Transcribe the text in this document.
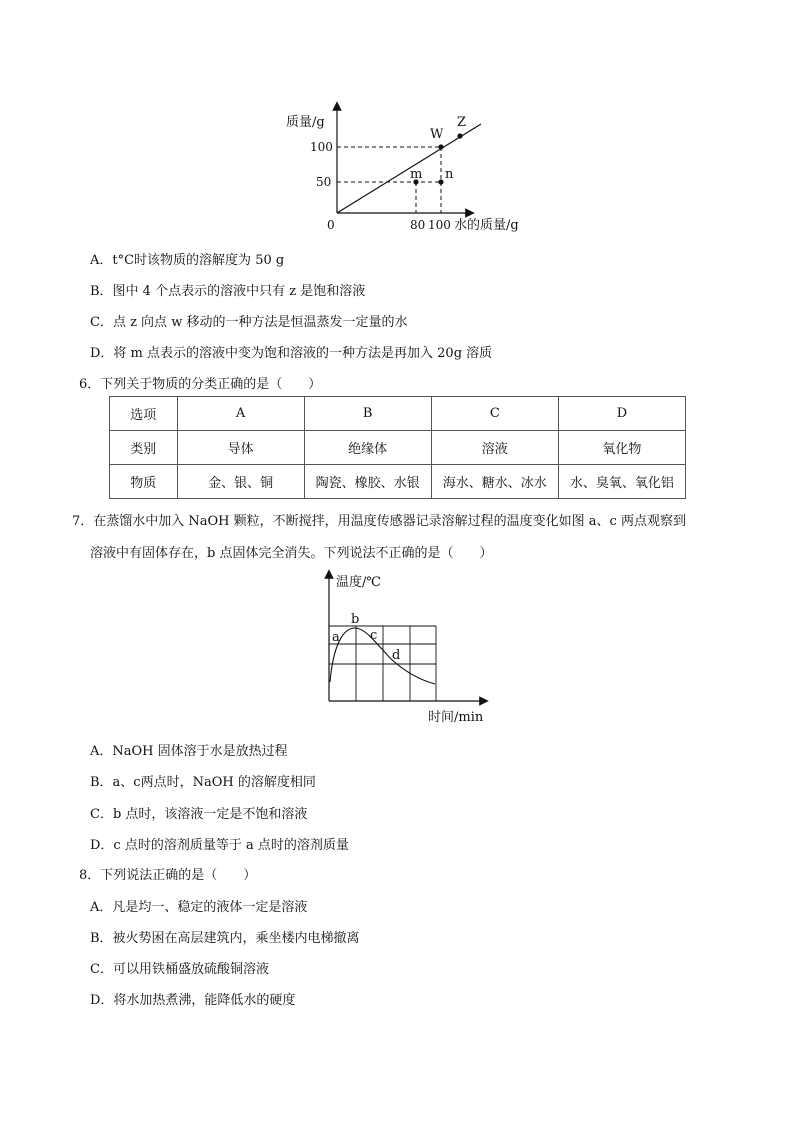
质量/g
水的质量/g
0
100
50
80 100
W
Z
m n
A．t°C时该物质的溶解度为 50 g
B．图中 4 个点表示的溶液中只有 z 是饱和溶液
C．点 z 向点 w 移动的一种方法是恒温蒸发一定量的水
D．将 m 点表示的溶液中变为饱和溶液的一种方法是再加入 20g 溶质
6．下列关于物质的分类正确的是（　　）
选项	A	B	C	D
类别	导体	绝缘体	溶液	氧化物
物质	金、银、铜	陶瓷、橡胶、水银	海水、糖水、冰水	水、臭氧、氧化铝
7．在蒸馏水中加入 NaOH 颗粒，不断搅拌，用温度传感器记录溶解过程的温度变化如图 a、c 两点观察到
溶液中有固体存在，b 点固体完全消失。下列说法不正确的是（　　）
温度/℃
时间/min
a
b
c
d
A．NaOH 固体溶于水是放热过程
B．a、c两点时，NaOH 的溶解度相同
C．b 点时，该溶液一定是不饱和溶液
D．c 点时的溶剂质量等于 a 点时的溶剂质量
8．下列说法正确的是（　　）
A．凡是均一、稳定的液体一定是溶液
B．被火势困在高层建筑内，乘坐楼内电梯撤离
C．可以用铁桶盛放硫酸铜溶液
D．将水加热煮沸，能降低水的硬度
